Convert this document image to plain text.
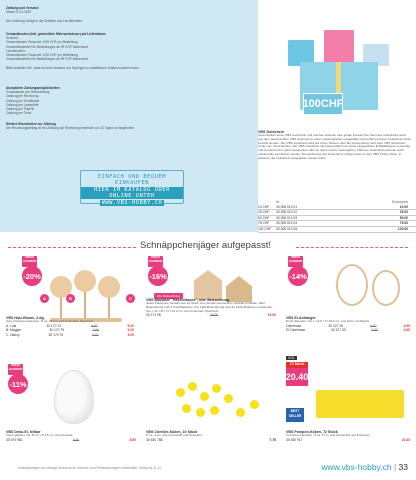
Zahlung und Versand
Stand 01.01.2020

Die Lieferung erfolgt in die Schweiz und Liechtenstein.
Versandkosten (inkl. gesetzliche Mehrwertsteuer) auf Lieferdatum
Schweiz:
Versandkosten Pauschal: 6,95 CHF pro Bestellung
Versandkostenfrei für Bestellungen ab 99 CHF Warenwert
Liechtenstein:
Versandkosten Pauschal: 6,95 CHF pro Bestellung
Versandkostenfrei für Bestellungen ab 99 CHF Warenwert
Bitte beachten Sie, dass es beim Versand von Sperrgut zu zusätzlichen Kosten kommen kann.
Akzeptierte Zahlungsmöglichkeiten
Vorauskasse per Überweisung
Zahlung per Rechnung
Zahlung per Kreditkarte
Zahlung per Lastschrift
Zahlung per PayPal
Zahlung per Twint
Weitere Einzelheiten zur Zahlung
Der Rechnungsbetrag ist bei Zahlung auf Rechnung innerhalb von 10 Tagen zu begleichen.
EINFACH UND BEQUEM EINKAUFEN
HIER IM KATALOG ODER ONLINE UNTER
WWW.VBS-HOBBY.CH
100CHF
VBS Gutschein
Verschenken einen VBS Gutschein und machen anderen eine große Freude! Der Wert des Gutscheins kann aus dem gewünschten VBS Sortiment in einer Leistungsarten ausgewählt und einfach mit dem Gutschein-Code bezahlt werden. Der VBS Gutschein wird auf Ihrem Namen oder als Verwendung nach dem VBS Gutschein-Code zum Verschenken. Der VBS Gutschein wird automatisch an deine eingegebene E-Mailadresse versendet und du kannst ihn sofort ausdrucken oder an deine Lieben weitergeben. Mehrere Gutscheine können auch miteinander kombiniert werden. Die Einlösung des Gutscheins erfolgt online in dem VBS Online-Shop, in welchem der Gutschein eingegeben werden kann.
Nr.	Einzelpreis
10 CHF	30 008 013 01	10.00
25 CHF	30 008 013 02	25.00
50 CHF	30 008 013 03	50.00
75 CHF	30 008 013 04	75.00
100 CHF	30 008 013 05	100.00
Schnäppchenjäger aufgepasst!
PREIS HAMMER
-20%
A	B	C
VBS Holz-Blume, 2-tlg.
Zum Zusammenstecken. H ca. 26 cm. Aus fumiertem Sperrholz.
A. Lola	30 170 74	6.50	5.20
B. Maggie	30 170 75	6.50	5.20
C. Nancy	30 170 76	6.50	5.20
PREIS HAMMER
-16%
inkl. Beleuchtung
VBS Bausätze "Hasenhäuser", inkl. Beleuchtung
Jedes Häuschen besteht aus 10 Teilen zum Zusammenstecken. Enthält Holzteile, LED-Beleuchtung und 2 Knopfbatterien. Für LED-Beleuchtung sind 2x LR44 Batterien notwendig. Ca. L 11 x B 7 x H 14,2 cm. Aus fumiertem Sperrholz.
30 171 95	18.50	15.50
PREIS HAMMER
-14%
VBS Ei-Anhänger
Ernst dekoriert. Ca. L 14,5 x H 16,5 cm. Aus Holz und Metall.
Osterhase	30 227 28	5.50	4.65
Ei-Osterhase	30 227 30	5.50	4.65
PREIS HAMMER
-11%
VBS Deko-Ei, teilbar
Innen glasiert. Ca. Ø 17 x H 15 cm. Aus Keramik.
30 570 981	9.50	8.50
VBS Chenille-Küken, 10 Stück
H ca. 4 cm. Aus Kunststoff und Polyester.
30 630 788	7.75
VOL
72 Stück
20.40
BEST SELLER
VBS Pompon-Küken, 72 Stück
Im Karton verpackt. H ca. 3 cm. Aus Kunststoff und Polyester.
30 630 917	20.40
Artikelanzeigen nur solange Vorrat reicht. Irrtümer und Preisänderungen vorbehalten. Gültig bis 31.12.	www.vbs-hobby.ch | 33
